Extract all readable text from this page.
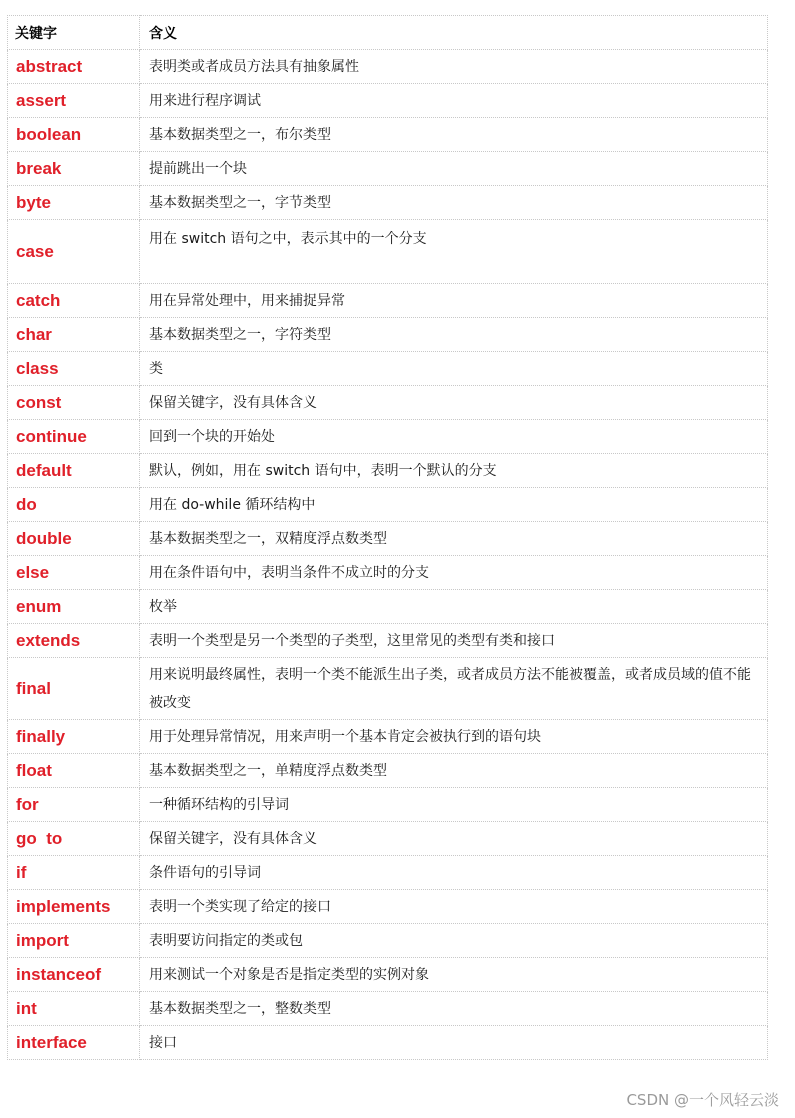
关键字	含义
abstract	表明类或者成员方法具有抽象属性
assert	用来进行程序调试
boolean	基本数据类型之一，布尔类型
break	提前跳出一个块
byte	基本数据类型之一，字节类型
case	用在 switch 语句之中，表示其中的一个分支
catch	用在异常处理中，用来捕捉异常
char	基本数据类型之一，字符类型
class	类
const	保留关键字，没有具体含义
continue	回到一个块的开始处
default	默认，例如，用在 switch 语句中，表明一个默认的分支
do	用在 do-while 循环结构中
double	基本数据类型之一，双精度浮点数类型
else	用在条件语句中，表明当条件不成立时的分支
enum	枚举
extends	表明一个类型是另一个类型的子类型，这里常见的类型有类和接口
final	用来说明最终属性，表明一个类不能派生出子类，或者成员方法不能被覆盖，或者成员域的值不能被改变
finally	用于处理异常情况，用来声明一个基本肯定会被执行到的语句块
float	基本数据类型之一，单精度浮点数类型
for	一种循环结构的引导词
go  to	保留关键字，没有具体含义
if	条件语句的引导词
implements	表明一个类实现了给定的接口
import	表明要访问指定的类或包
instanceof	用来测试一个对象是否是指定类型的实例对象
int	基本数据类型之一，整数类型
interface	接口
CSDN @一个风轻云淡
